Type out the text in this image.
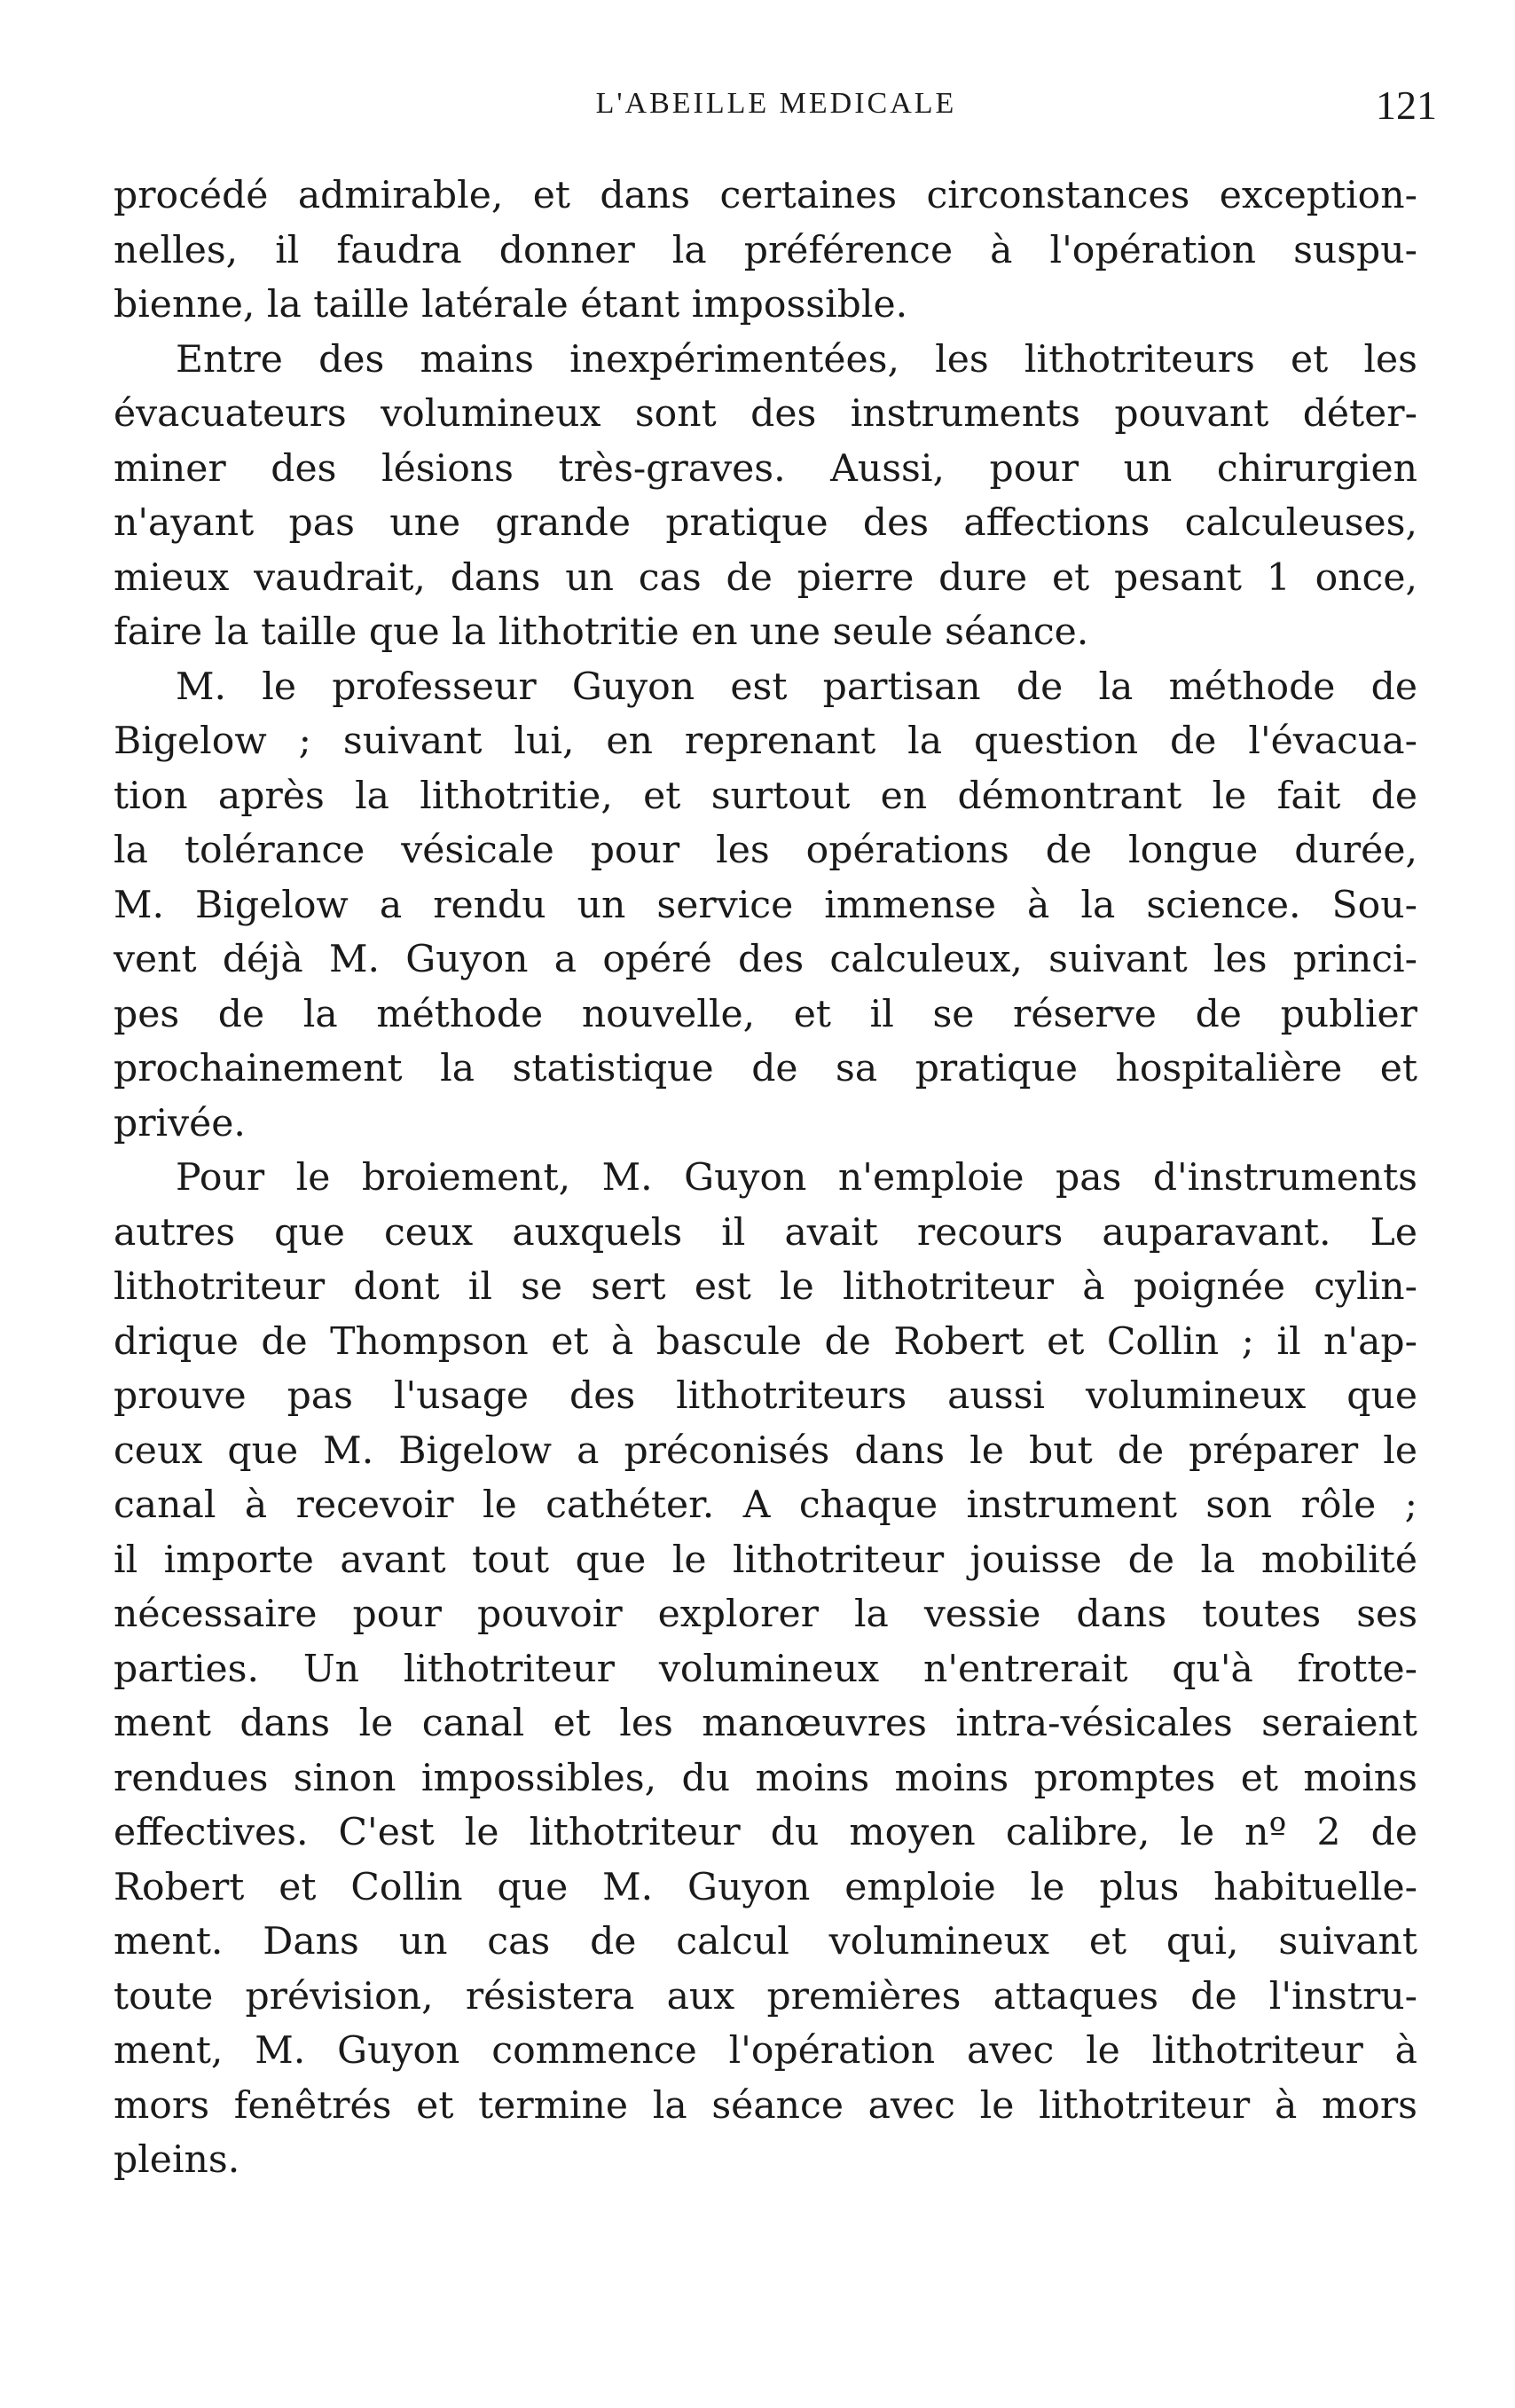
L'ABEILLE MEDICALE	121
procédé admirable, et dans certaines circonstances exception-
nelles, il faudra donner la préférence à l'opération suspu-
bienne, la taille latérale étant impossible.
Entre des mains inexpérimentées, les lithotriteurs et les
évacuateurs volumineux sont des instruments pouvant déter-
miner des lésions très-graves. Aussi, pour un chirurgien
n'ayant pas une grande pratique des affections calculeuses,
mieux vaudrait, dans un cas de pierre dure et pesant 1 once,
faire la taille que la lithotritie en une seule séance.
M. le professeur Guyon est partisan de la méthode de
Bigelow ; suivant lui, en reprenant la question de l'évacua-
tion après la lithotritie, et surtout en démontrant le fait de
la tolérance vésicale pour les opérations de longue durée,
M. Bigelow a rendu un service immense à la science. Sou-
vent déjà M. Guyon a opéré des calculeux, suivant les princi-
pes de la méthode nouvelle, et il se réserve de publier
prochainement la statistique de sa pratique hospitalière et
privée.
Pour le broiement, M. Guyon n'emploie pas d'instruments
autres que ceux auxquels il avait recours auparavant. Le
lithotriteur dont il se sert est le lithotriteur à poignée cylin-
drique de Thompson et à bascule de Robert et Collin ; il n'ap-
prouve pas l'usage des lithotriteurs aussi volumineux que
ceux que M. Bigelow a préconisés dans le but de préparer le
canal à recevoir le cathéter. A chaque instrument son rôle ;
il importe avant tout que le lithotriteur jouisse de la mobilité
nécessaire pour pouvoir explorer la vessie dans toutes ses
parties. Un lithotriteur volumineux n'entrerait qu'à frotte-
ment dans le canal et les manœuvres intra-vésicales seraient
rendues sinon impossibles, du moins moins promptes et moins
effectives. C'est le lithotriteur du moyen calibre, le nº 2 de
Robert et Collin que M. Guyon emploie le plus habituelle-
ment. Dans un cas de calcul volumineux et qui, suivant
toute prévision, résistera aux premières attaques de l'instru-
ment, M. Guyon commence l'opération avec le lithotriteur à
mors fenêtrés et termine la séance avec le lithotriteur à mors
pleins.
